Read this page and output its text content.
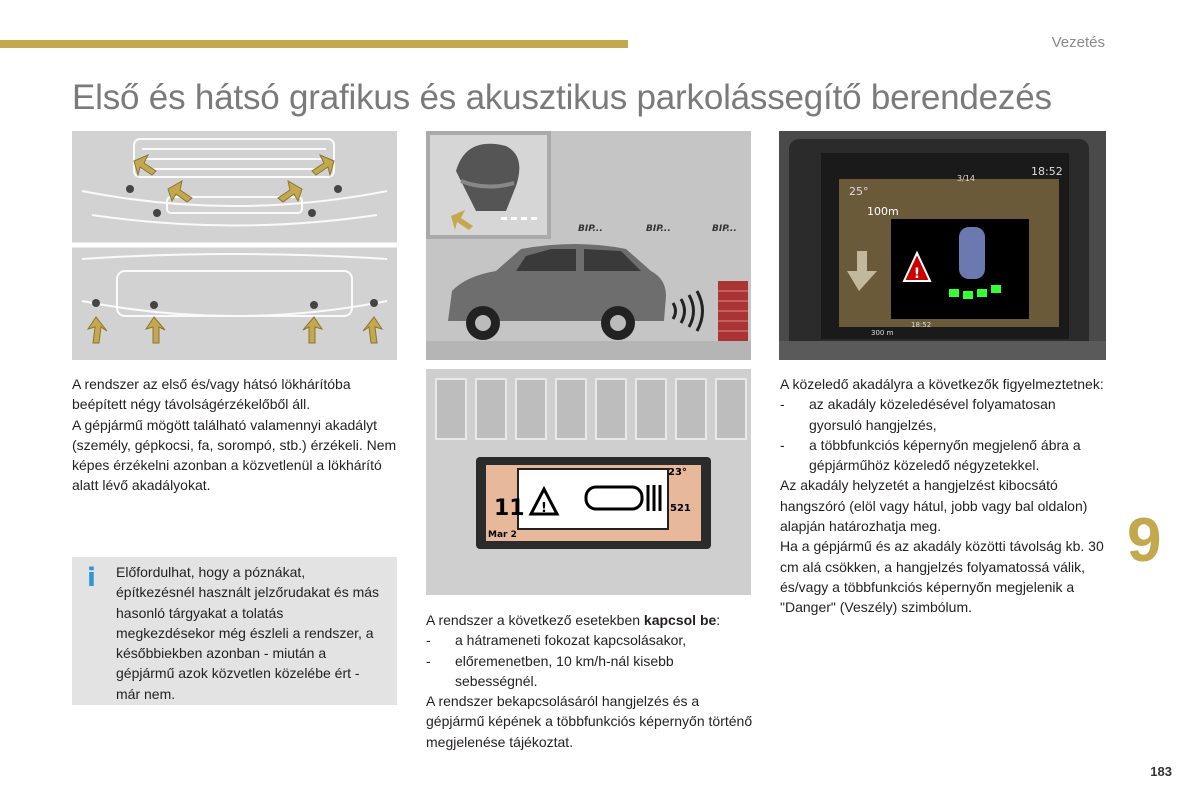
Vezetés
Első és hátsó grafikus és akusztikus parkolássegítő berendezés
BIP...	BIP...	BIP...
!
25°
3/14
18:52
100m
300 m
18:52
!
11
Mar 2
23°
521

A rendszer az első és/vagy hátsó lökhárítóba beépített négy távolságérzékelőből áll.

A gépjármű mögött található valamennyi akadályt (személy, gépkocsi, fa, sorompó, stb.) érzékeli. Nem képes érzékelni azonban a közvetlenül a lökhárító alatt lévő akadályokat.

i Előfordulhat, hogy a póznákat, építkezésnél használt jelzőrudakat és más hasonló tárgyakat a tolatás megkezdésekor még észleli a rendszer, a későbbiekben azonban - miután a gépjármű azok közvetlen közelébe ért - már nem.

A rendszer a következő esetekben kapcsol be:

- a hátrameneti fokozat kapcsolásakor,
- előremenetben, 10 km/h-nál kisebb sebességnél.

A rendszer bekapcsolásáról hangjelzés és a gépjármű képének a többfunkciós képernyőn történő megjelenése tájékoztat.

A közeledő akadályra a következők figyelmeztetnek:

- az akadály közeledésével folyamatosan gyorsuló hangjelzés,
- a többfunkciós képernyőn megjelenő ábra a gépjárműhöz közeledő négyzetekkel.

Az akadály helyzetét a hangjelzést kibocsátó hangszóró (elöl vagy hátul, jobb vagy bal oldalon) alapján határozhatja meg.

Ha a gépjármű és az akadály közötti távolság kb. 30 cm alá csökken, a hangjelzés folyamatossá válik, és/vagy a többfunkciós képernyőn megjelenik a "Danger" (Veszély) szimbólum.

9
183
